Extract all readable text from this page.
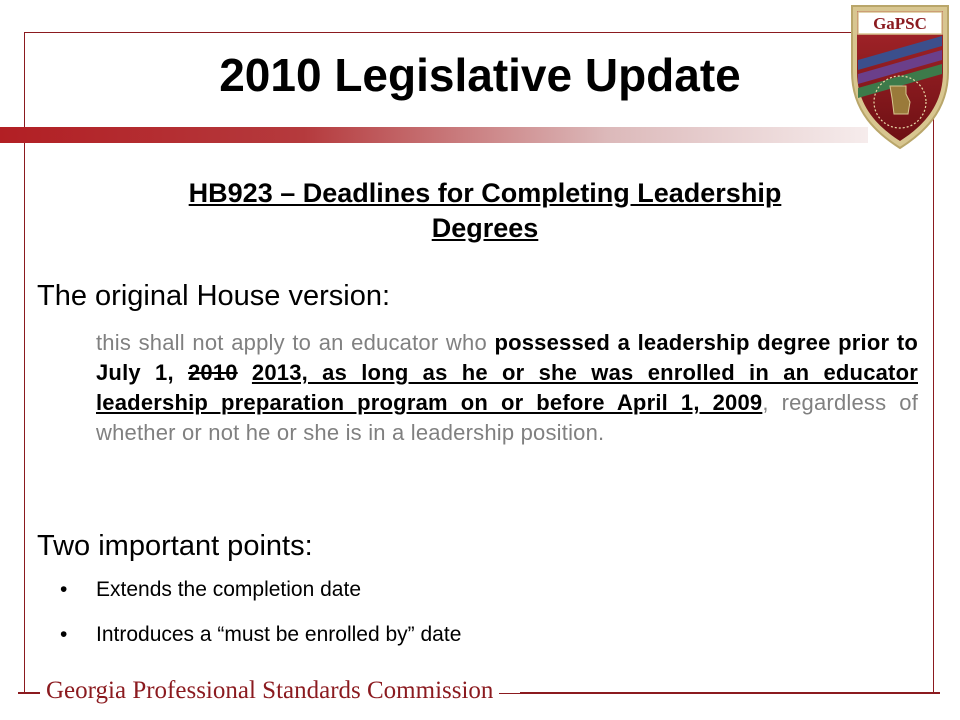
2010 Legislative Update
GaPSC
HB923 – Deadlines for Completing Leadership
Degrees
The original House version:
this shall not apply to an educator who possessed a leadership degree prior to July 1, 2010 2013, as long as he or she was enrolled in an educator leadership preparation program on or before April 1, 2009, regardless of whether or not he or she is in a leadership position.
Two important points:
• Extends the completion date
• Introduces a “must be enrolled by” date
Georgia Professional Standards Commission
